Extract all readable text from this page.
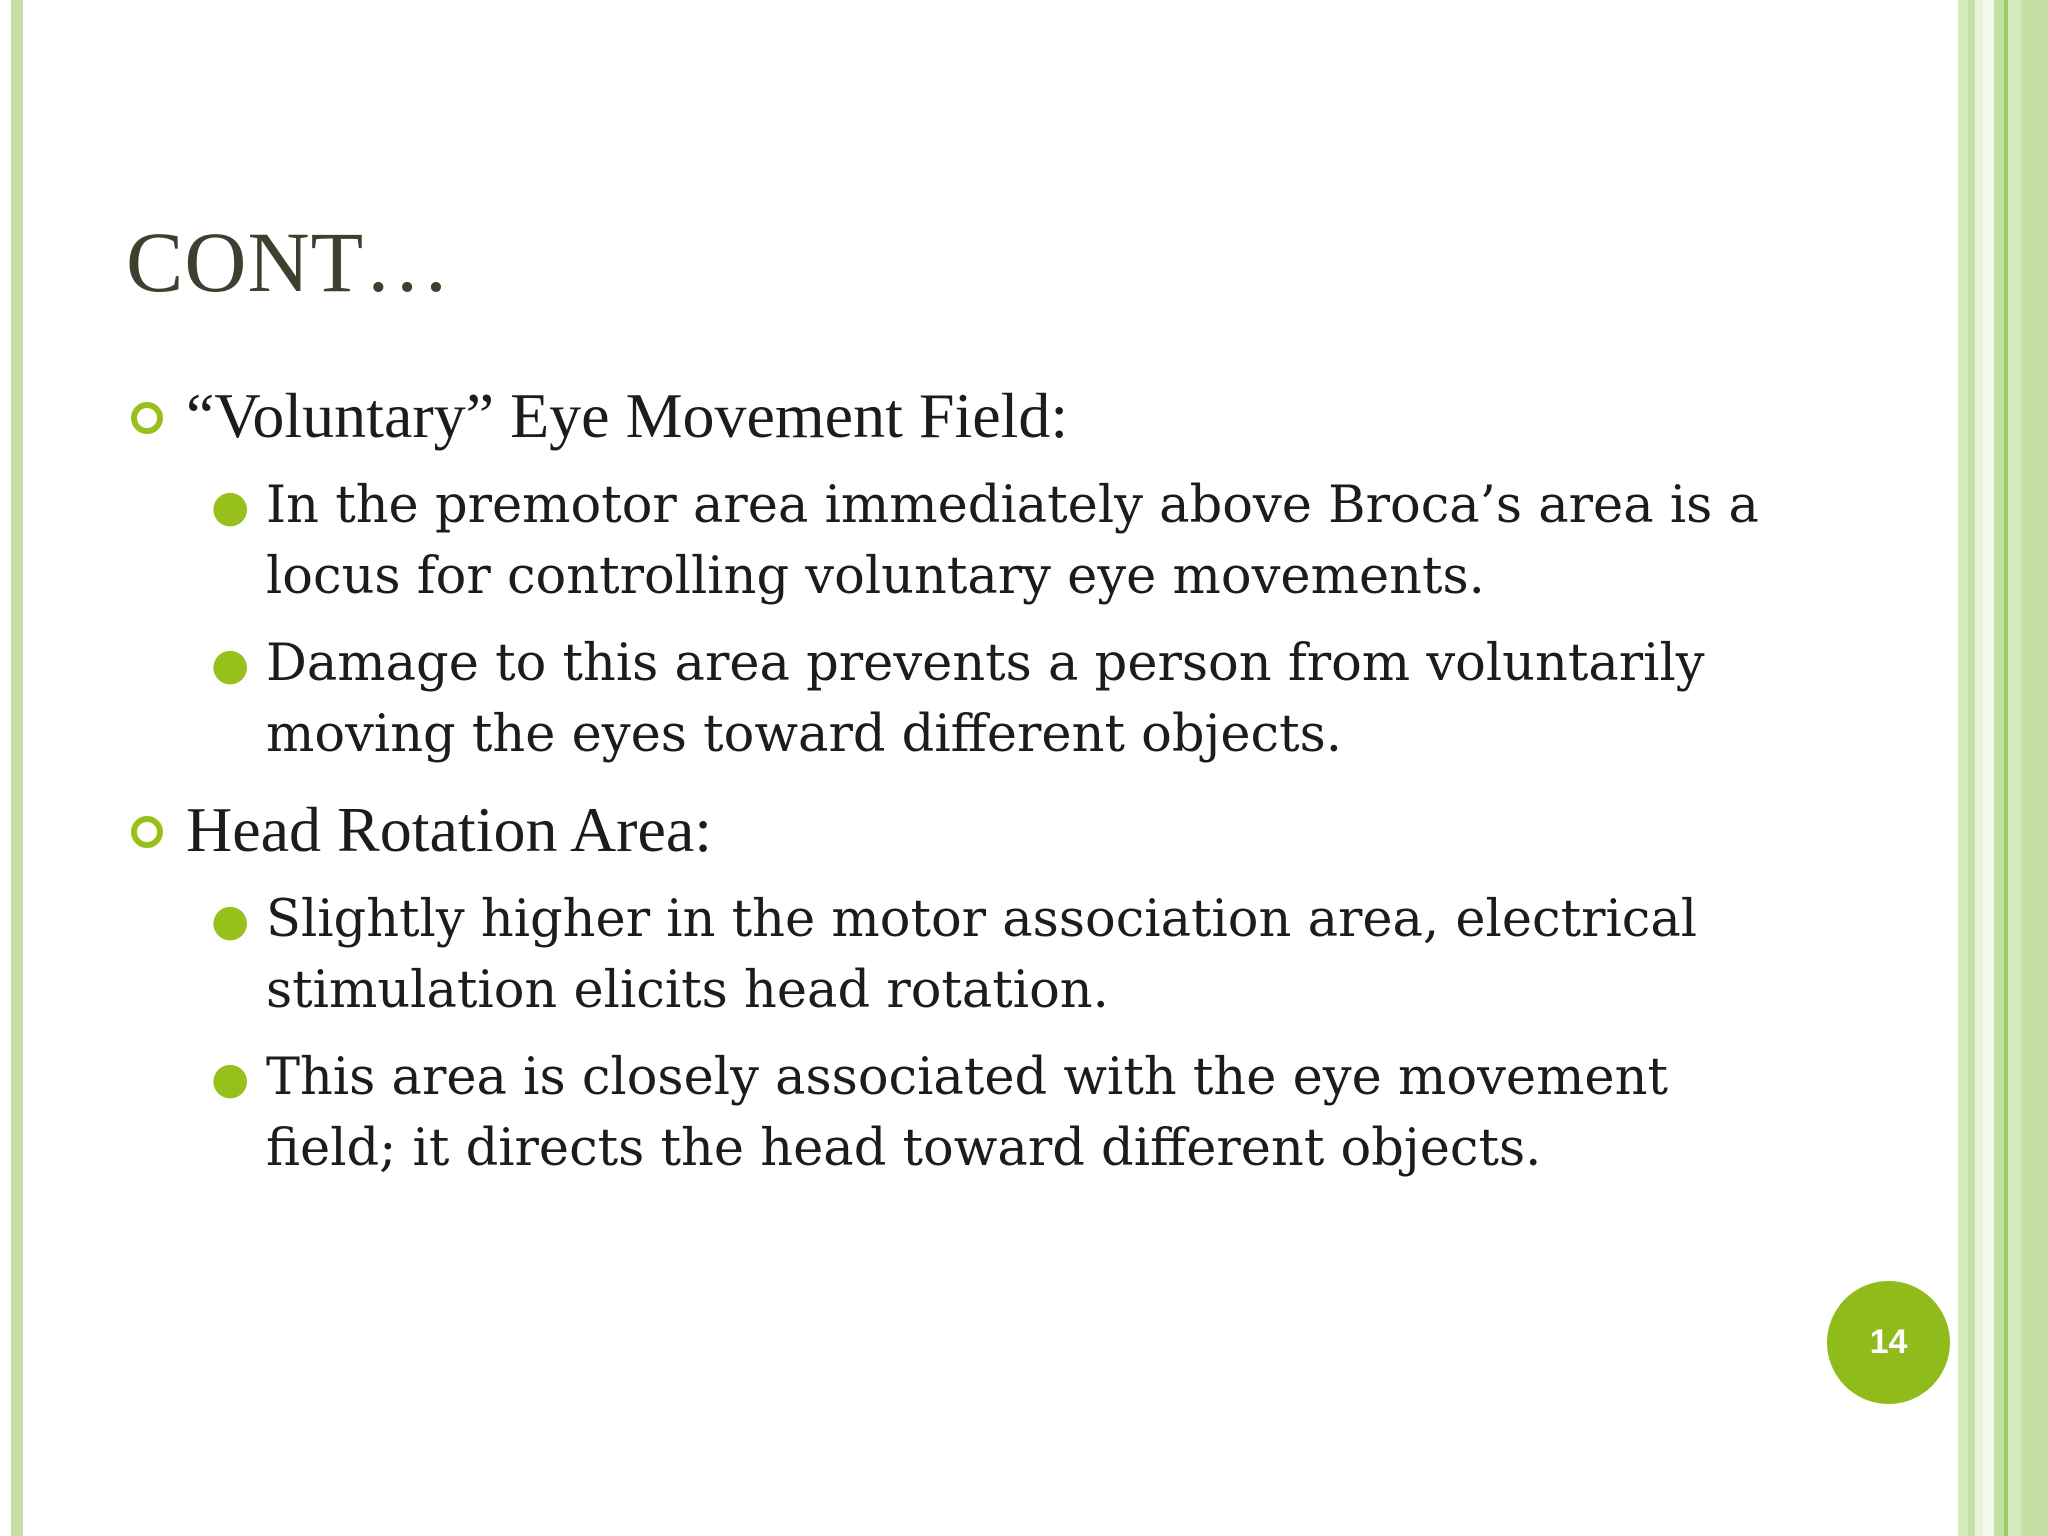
CONT…
“Voluntary” Eye Movement Field:
● In the premotor area immediately above Broca’s area is a locus for controlling voluntary eye movements.
● Damage to this area prevents a person from voluntarily moving the eyes toward different objects.
Head Rotation Area:
● Slightly higher in the motor association area, electrical stimulation elicits head rotation.
● This area is closely associated with the eye movement field; it directs the head toward different objects.
14
